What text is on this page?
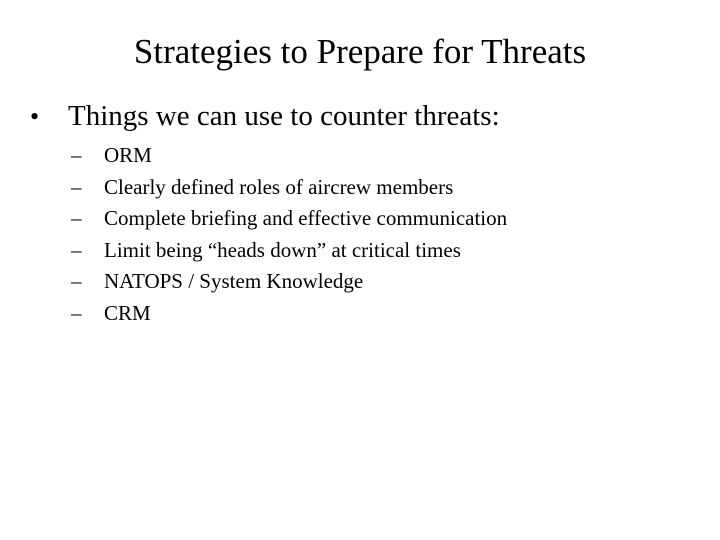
Strategies to Prepare for Threats
• Things we can use to counter threats:
– ORM
– Clearly defined roles of aircrew members
– Complete briefing and effective communication
– Limit being “heads down” at critical times
– NATOPS / System Knowledge
– CRM
